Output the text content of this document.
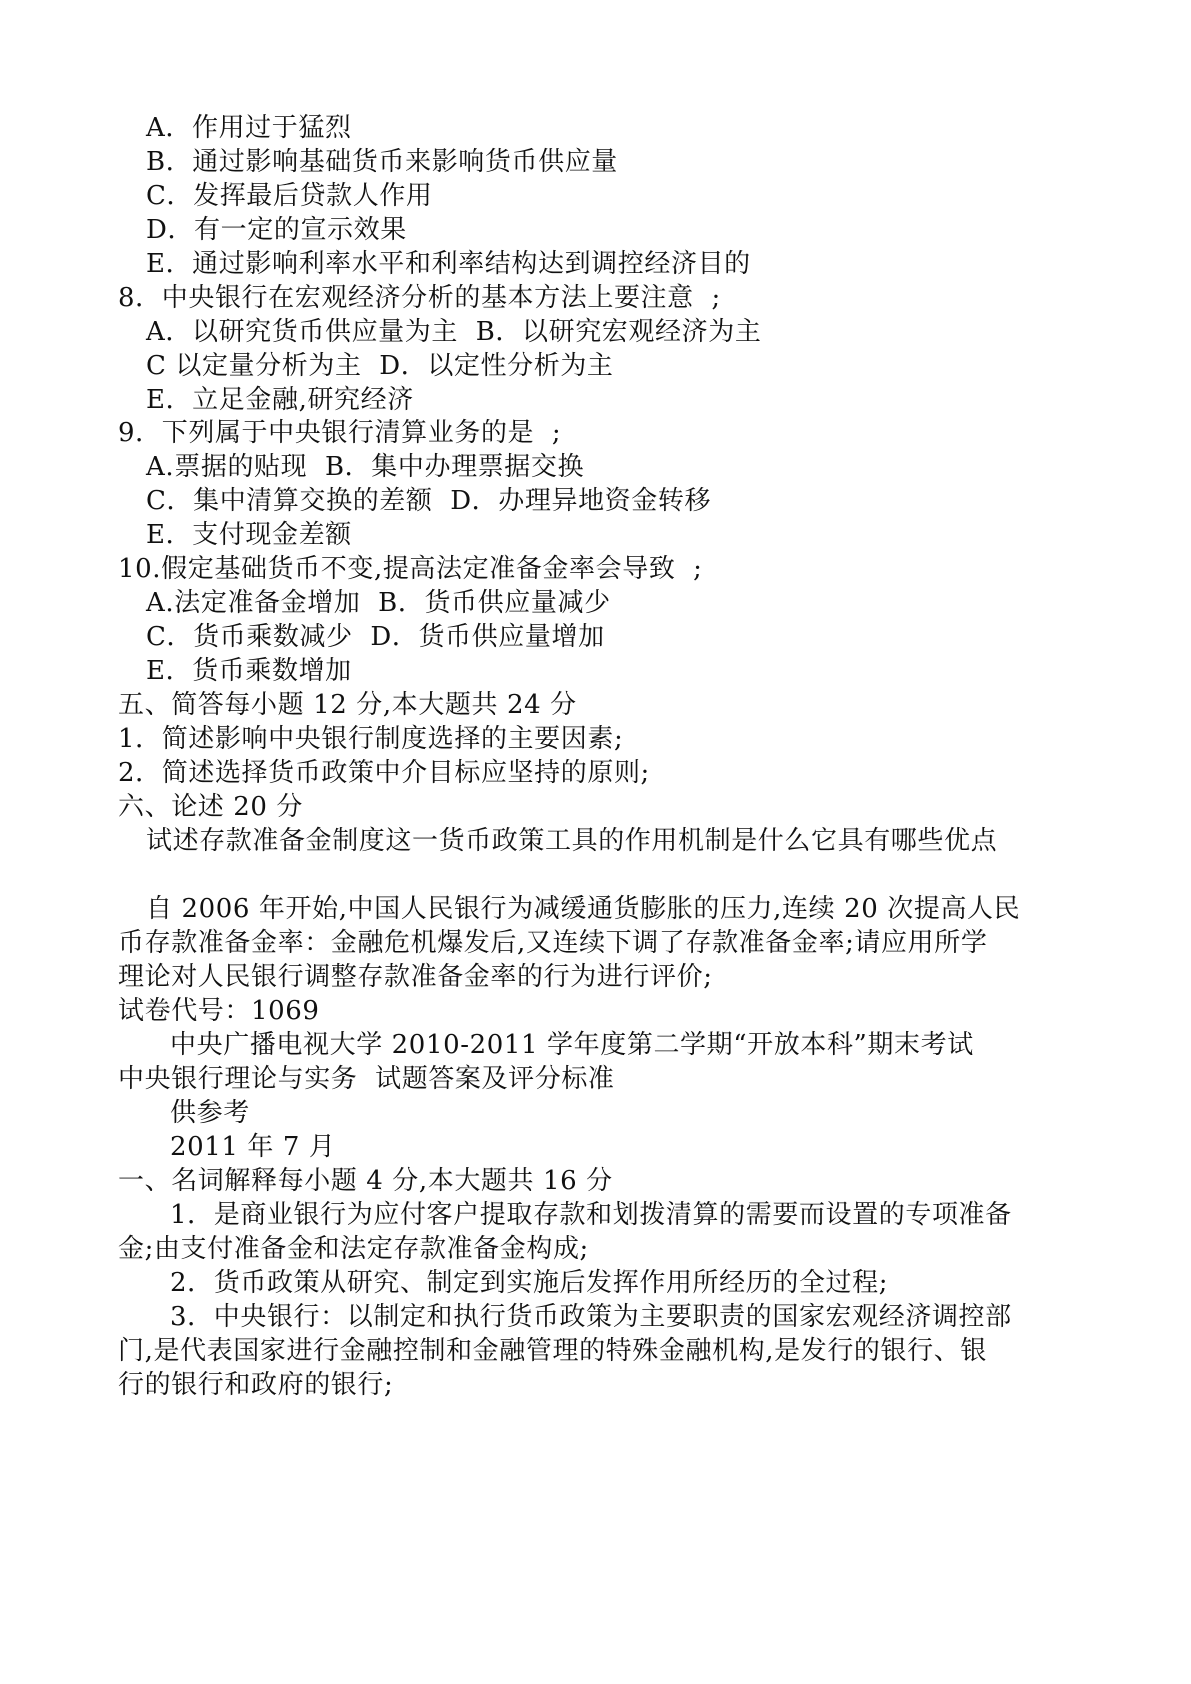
A．作用过于猛烈
B．通过影响基础货币来影响货币供应量
C．发挥最后贷款人作用
D．有一定的宣示效果
E．通过影响利率水平和利率结构达到调控经济目的
8．中央银行在宏观经济分析的基本方法上要注意  ;
A．以研究货币供应量为主  B．以研究宏观经济为主
C 以定量分析为主  D．以定性分析为主
E．立足金融,研究经济
9．下列属于中央银行清算业务的是  ;
A.票据的贴现  B．集中办理票据交换
C．集中清算交换的差额  D．办理异地资金转移
E．支付现金差额
10.假定基础货币不变,提高法定准备金率会导致  ;
A.法定准备金增加  B．货币供应量减少
C．货币乘数减少  D．货币供应量增加
E．货币乘数增加
五、简答每小题 12 分,本大题共 24 分
1．简述影响中央银行制度选择的主要因素;
2．简述选择货币政策中介目标应坚持的原则;
六、论述 20 分
试述存款准备金制度这一货币政策工具的作用机制是什么它具有哪些优点
自 2006 年开始,中国人民银行为减缓通货膨胀的压力,连续 20 次提高人民
币存款准备金率：金融危机爆发后,又连续下调了存款准备金率;请应用所学
理论对人民银行调整存款准备金率的行为进行评价;
试卷代号：1069
中央广播电视大学 2010-2011 学年度第二学期“开放本科”期末考试
中央银行理论与实务  试题答案及评分标准
供参考
2011 年 7 月
一、名词解释每小题 4 分,本大题共 16 分
1．是商业银行为应付客户提取存款和划拨清算的需要而设置的专项准备
金;由支付准备金和法定存款准备金构成;
2．货币政策从研究、制定到实施后发挥作用所经历的全过程;
3．中央银行：以制定和执行货币政策为主要职责的国家宏观经济调控部
门,是代表国家进行金融控制和金融管理的特殊金融机构,是发行的银行、银
行的银行和政府的银行;
